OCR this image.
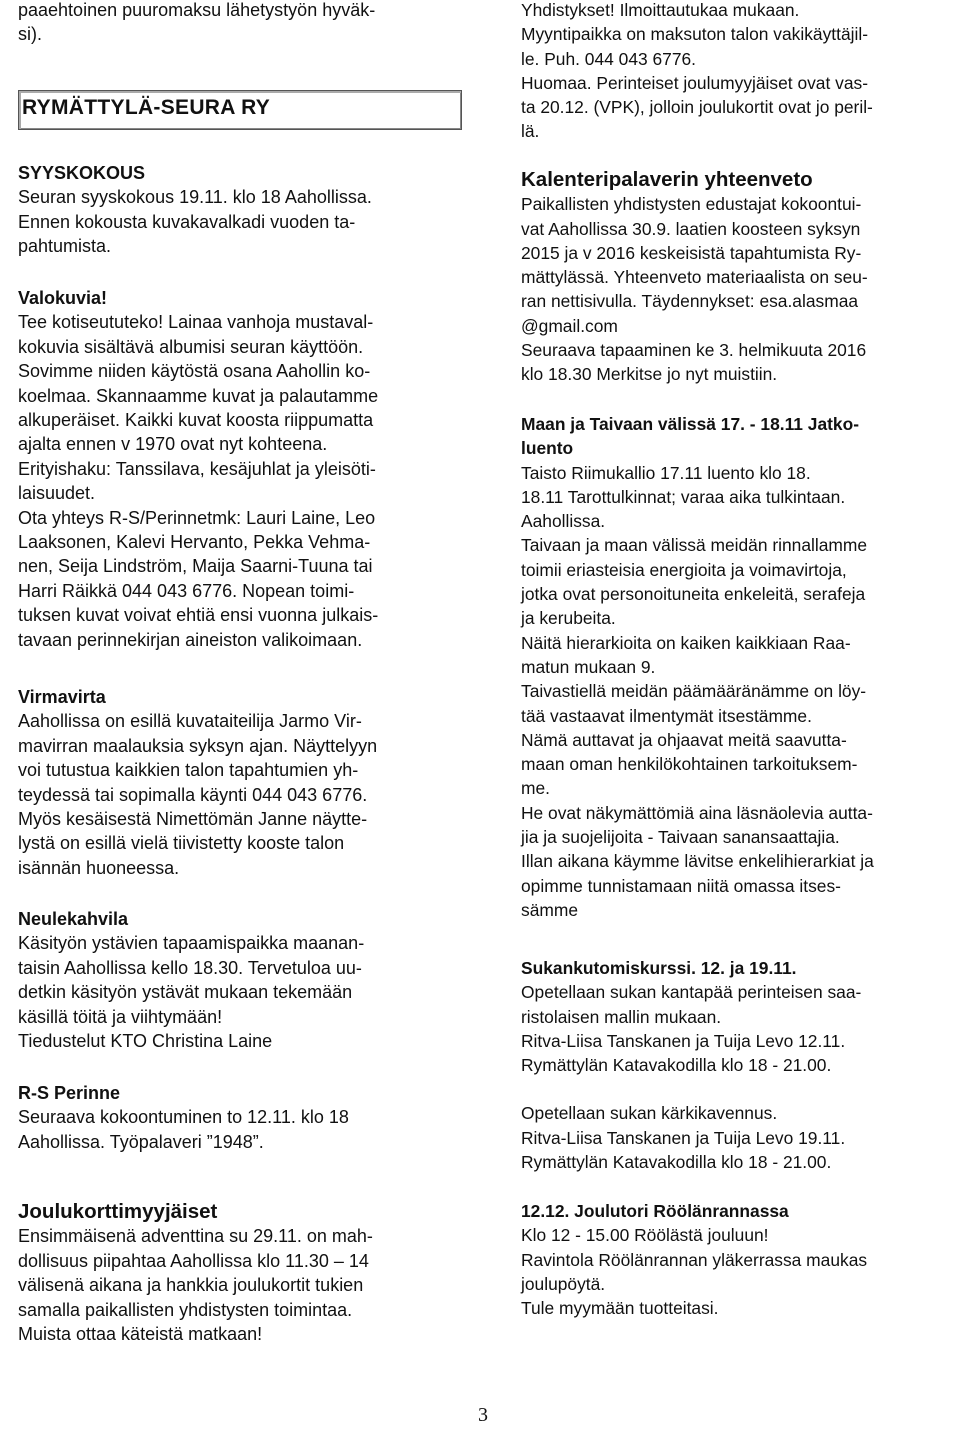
paaehtoinen puuromaksu lähetystyön hyväk-

si).

RYMÄTTYLÄ-SEURA RY

SYYSKOKOUS

Seuran syyskokous 19.11. klo 18 Aahollissa.

Ennen kokousta kuvakavalkadi vuoden ta-

pahtumista.

Valokuvia!

Tee kotiseututeko! Lainaa vanhoja mustaval-

kokuvia sisältävä albumisi seuran käyttöön.

Sovimme niiden käytöstä osana Aahollin ko-

koelmaa. Skannaamme kuvat ja palautamme

alkuperäiset. Kaikki kuvat koosta riippumatta

ajalta ennen v 1970 ovat nyt kohteena.

Erityishaku: Tanssilava, kesäjuhlat ja yleisöti-

laisuudet.

Ota yhteys R-S/Perinnetmk: Lauri Laine, Leo

Laaksonen, Kalevi Hervanto, Pekka Vehma-

nen, Seija Lindström, Maija Saarni-Tuuna tai

Harri Räikkä 044 043 6776. Nopean toimi-

tuksen kuvat voivat ehtiä ensi vuonna julkais-

tavaan perinnekirjan aineiston valikoimaan.

Virmavirta

Aahollissa on esillä kuvataiteilija Jarmo Vir-

mavirran maalauksia syksyn ajan. Näyttelyyn

voi tutustua kaikkien talon tapahtumien yh-

teydessä tai sopimalla käynti 044 043 6776.

Myös kesäisestä Nimettömän Janne näytte-

lystä on esillä vielä tiivistetty kooste talon

isännän huoneessa.

Neulekahvila

Käsityön ystävien tapaamispaikka maanan-

taisin Aahollissa kello 18.30. Tervetuloa uu-

detkin käsityön ystävät mukaan tekemään

käsillä töitä ja viihtymään!

Tiedustelut KTO Christina Laine

R-S Perinne

Seuraava kokoontuminen to 12.11. klo 18

Aahollissa. Työpalaveri ”1948”.

Joulukorttimyyjäiset

Ensimmäisenä adventtina su 29.11. on mah-

dollisuus piipahtaa Aahollissa klo 11.30 – 14

välisenä aikana ja hankkia joulukortit tukien

samalla paikallisten yhdistysten toimintaa.

Muista ottaa käteistä matkaan!

Yhdistykset! Ilmoittautukaa mukaan.

Myyntipaikka on maksuton talon vakikäyttäjil-

le. Puh. 044 043 6776.

Huomaa. Perinteiset joulumyyjäiset ovat vas-

ta 20.12. (VPK), jolloin joulukortit ovat jo peril-

lä.

Kalenteripalaverin yhteenveto

Paikallisten yhdistysten edustajat kokoontui-

vat Aahollissa 30.9. laatien koosteen syksyn

2015 ja v 2016 keskeisistä tapahtumista Ry-

mättylässä. Yhteenveto materiaalista on seu-

ran nettisivulla. Täydennykset: esa.alasmaa

@gmail.com

Seuraava tapaaminen ke 3. helmikuuta 2016

klo 18.30 Merkitse jo nyt muistiin.

Maan ja Taivaan välissä 17. - 18.11 Jatko-

luento

Taisto Riimukallio 17.11 luento klo 18.

18.11 Tarottulkinnat; varaa aika tulkintaan.

Aahollissa.

Taivaan ja maan välissä meidän rinnallamme

toimii eriasteisia energioita ja voimavirtoja,

jotka ovat personoituneita enkeleitä, serafeja

ja kerubeita.

Näitä hierarkioita on kaiken kaikkiaan Raa-

matun mukaan 9.

Taivastiellä meidän päämääränämme on löy-

tää vastaavat ilmentymät itsestämme.

Nämä auttavat ja ohjaavat meitä saavutta-

maan oman henkilökohtainen tarkoituksem-

me.

He ovat näkymättömiä aina läsnäolevia autta-

jia ja suojelijoita - Taivaan sanansaattajia.

Illan aikana käymme lävitse enkelihierarkiat ja

opimme tunnistamaan niitä omassa itses-

sämme

Sukankutomiskurssi. 12. ja 19.11.

Opetellaan sukan kantapää perinteisen saa-

ristolaisen mallin mukaan.

Ritva-Liisa Tanskanen ja Tuija Levo 12.11.

Rymättylän Katavakodilla klo 18 - 21.00.

Opetellaan sukan kärkikavennus.

Ritva-Liisa Tanskanen ja Tuija Levo 19.11.

Rymättylän Katavakodilla klo 18 - 21.00.

12.12. Joulutori Röölänrannassa

Klo 12 - 15.00 Röölästä jouluun!

Ravintola Röölänrannan yläkerrassa maukas

joulupöytä.

Tule myymään tuotteitasi.

3
